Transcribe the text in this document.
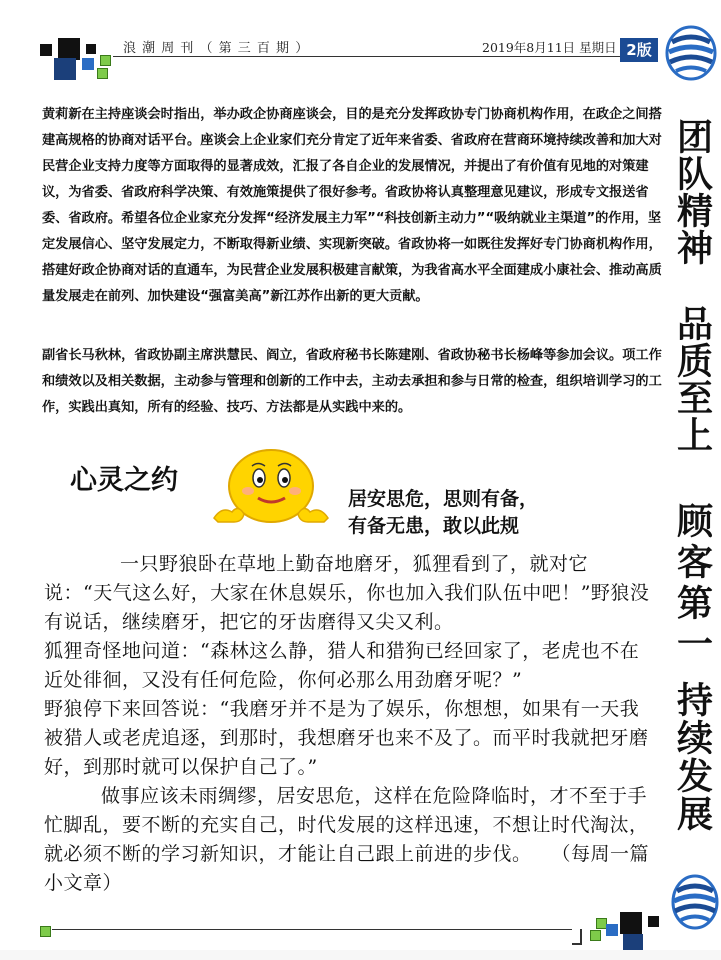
浪 潮 周 刊 （ 第 三 百 期 ）	2019年8月11日 星期日 2版
黄莉新在主持座谈会时指出，举办政企协商座谈会，目的是充分发挥政协专门协商机构作用，在政企之间搭建高规格的协商对话平台。座谈会上企业家们充分肯定了近年来省委、省政府在营商环境持续改善和加大对民营企业支持力度等方面取得的显著成效，汇报了各自企业的发展情况，并提出了有价值有见地的对策建议，为省委、省政府科学决策、有效施策提供了很好参考。省政协将认真整理意见建议，形成专文报送省委、省政府。希望各位企业家充分发挥“经济发展主力军”“科技创新主动力”“吸纳就业主渠道”的作用，坚定发展信心、坚守发展定力，不断取得新业绩、实现新突破。省政协将一如既往发挥好专门协商机构作用，搭建好政企协商对话的直通车，为民营企业发展积极建言献策，为我省高水平全面建成小康社会、推动高质量发展走在前列、加快建设“强富美高”新江苏作出新的更大贡献。
副省长马秋林，省政协副主席洪慧民、阎立，省政府秘书长陈建刚、省政协秘书长杨峰等参加会议。项工作和绩效以及相关数据，主动参与管理和创新的工作中去，主动去承担和参与日常的检查，组织培训学习的工作，实践出真知，所有的经验、技巧、方法都是从实践中来的。
团队精神
品质至上
顾客第一
持续发展
心灵之约
居安思危，思则有备，
有备无患，敢以此规

一只野狼卧在草地上勤奋地磨牙，狐狸看到了，就对它说：“天气这么好，大家在休息娱乐，你也加入我们队伍中吧！”野狼没有说话，继续磨牙，把它的牙齿磨得又尖又利。

狐狸奇怪地问道：“森林这么静，猎人和猎狗已经回家了，老虎也不在近处徘徊，又没有任何危险，你何必那么用劲磨牙呢？”

野狼停下来回答说：“我磨牙并不是为了娱乐，你想想，如果有一天我被猎人或老虎追逐，到那时，我想磨牙也来不及了。而平时我就把牙磨好，到那时就可以保护自己了。”

做事应该未雨绸缪，居安思危，这样在危险降临时，才不至于手忙脚乱，要不断的充实自己，时代发展的这样迅速，不想让时代淘汰，就必须不断的学习新知识，才能让自己跟上前进的步伐。　　（每周一篇小文章）
